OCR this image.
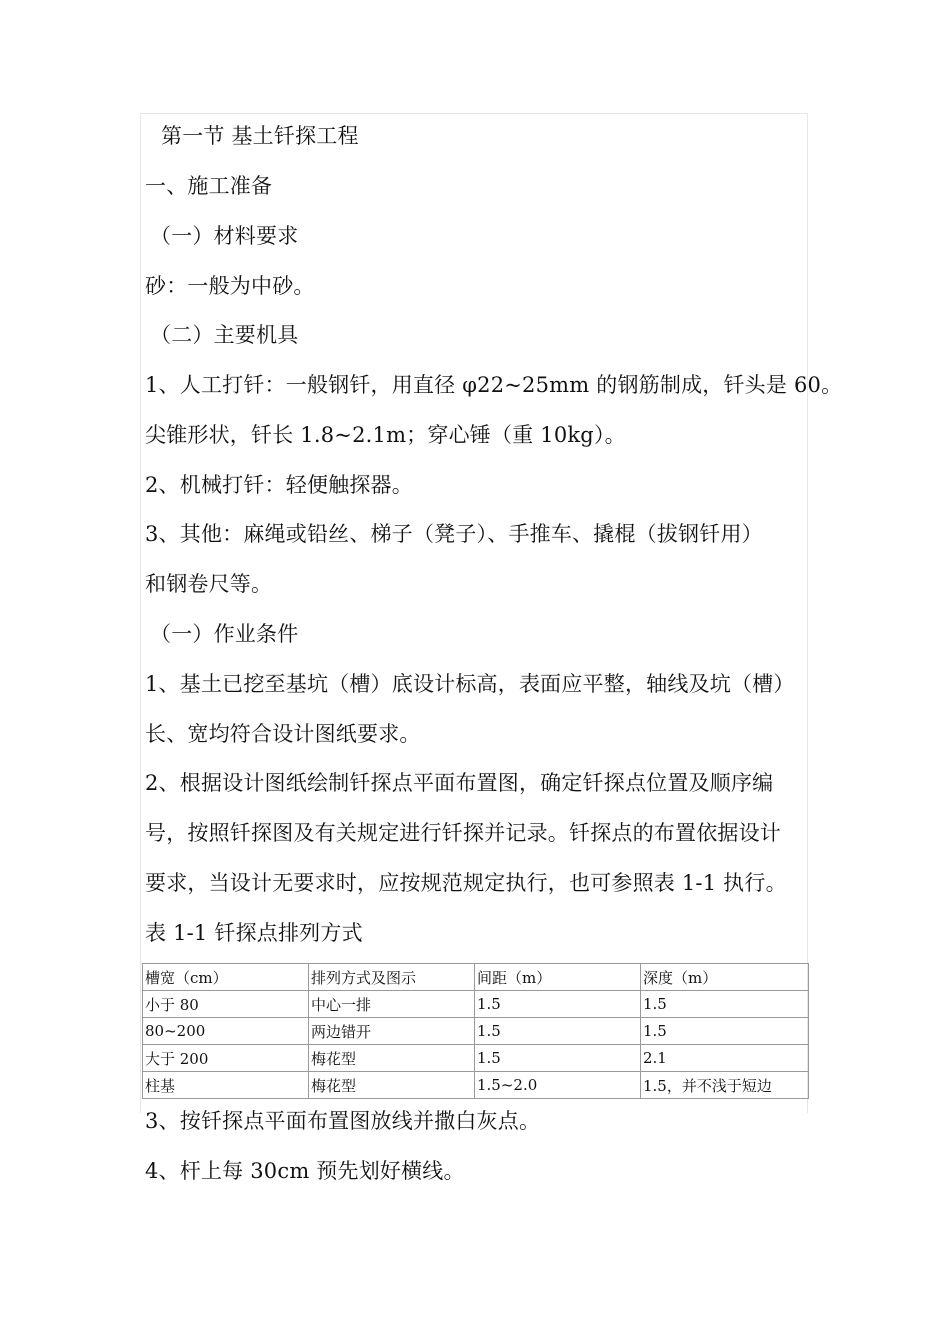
第一节 基土钎探工程
一、施工准备
（一）材料要求
砂：一般为中砂。
（二）主要机具
1、人工打钎：一般钢钎，用直径 φ22~25mm 的钢筋制成，钎头是 60。
尖锥形状，钎长 1.8~2.1m；穿心锤（重 10kg）。
2、机械打钎：轻便触探器。
3、其他：麻绳或铅丝、梯子（凳子）、手推车、撬棍（拔钢钎用）
和钢卷尺等。
（一）作业条件
1、基土已挖至基坑（槽）底设计标高，表面应平整，轴线及坑（槽）
长、宽均符合设计图纸要求。
2、根据设计图纸绘制钎探点平面布置图，确定钎探点位置及顺序编
号，按照钎探图及有关规定进行钎探并记录。钎探点的布置依据设计
要求，当设计无要求时，应按规范规定执行，也可参照表 1-1 执行。
表 1-1 钎探点排列方式
槽宽（cm）	排列方式及图示	间距（m）	深度（m）
小于 80	中心一排	1.5	1.5
80~200	两边错开	1.5	1.5
大于 200	梅花型	1.5	2.1
柱基	梅花型	1.5~2.0	1.5，并不浅于短边
3、按钎探点平面布置图放线并撒白灰点。
4、杆上每 30cm 预先划好横线。
